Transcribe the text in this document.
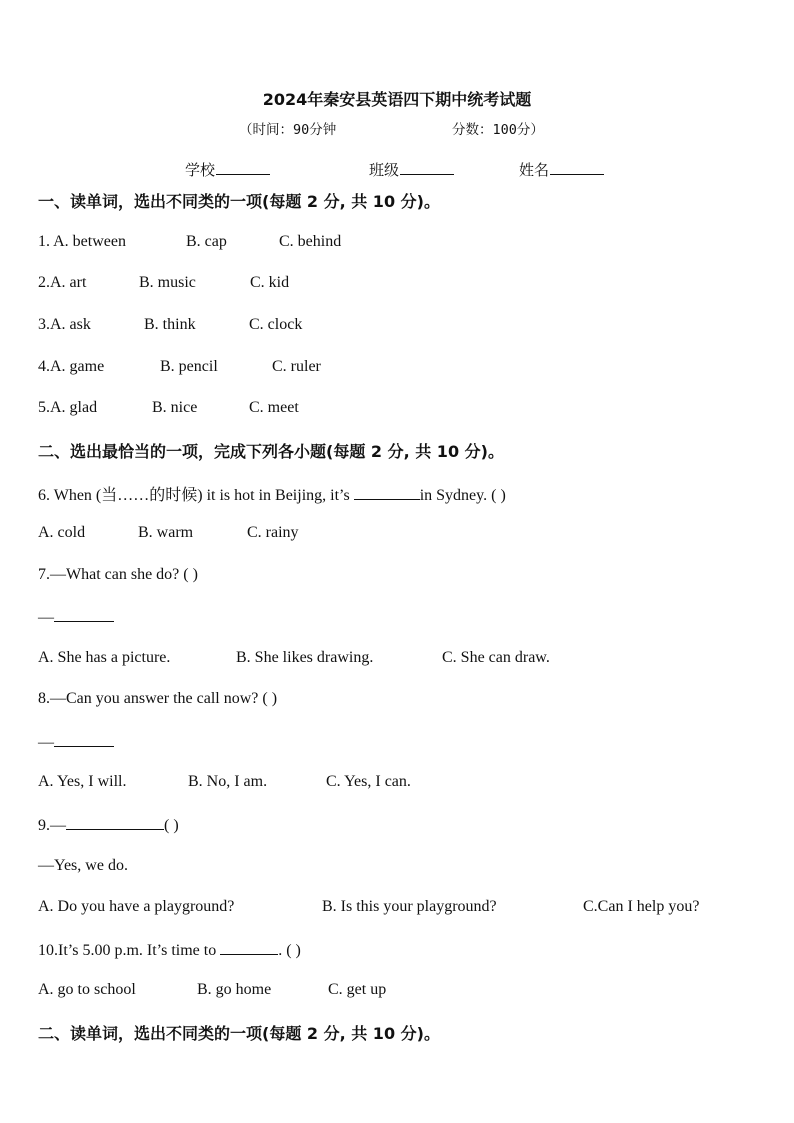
2024年秦安县英语四下期中统考试题
（时间：90分钟	分数：100分）
学校	班级	姓名
一、读单词，选出不同类的一项(每题 2 分, 共 10 分)。
1. A. between	B. cap	C. behind
2.A. art	B. music	C. kid
3.A. ask	B. think	C. clock
4.A. game	B. pencil	C. ruler
5.A. glad	B. nice	C. meet
二、选出最恰当的一项，完成下列各小题(每题 2 分, 共 10 分)。
6. When (当……的时候) it is hot in Beijing, it’s	in Sydney. ( )
A. cold	B. warm	C. rainy
7.—What can she do? ( )
—
A. She has a picture.	B. She likes drawing.	C. She can draw.
8.—Can you answer the call now? ( )
—
A. Yes, I will.	B. No, I am.	C. Yes, I can.
9.—	( )
—Yes, we do.
A. Do you have a playground?	B. Is this your playground?	C.Can I help you?
10.It’s 5.00 p.m. It’s time to	. ( )
A. go to school	B. go home	C. get up
二、读单词，选出不同类的一项(每题 2 分, 共 10 分)。
